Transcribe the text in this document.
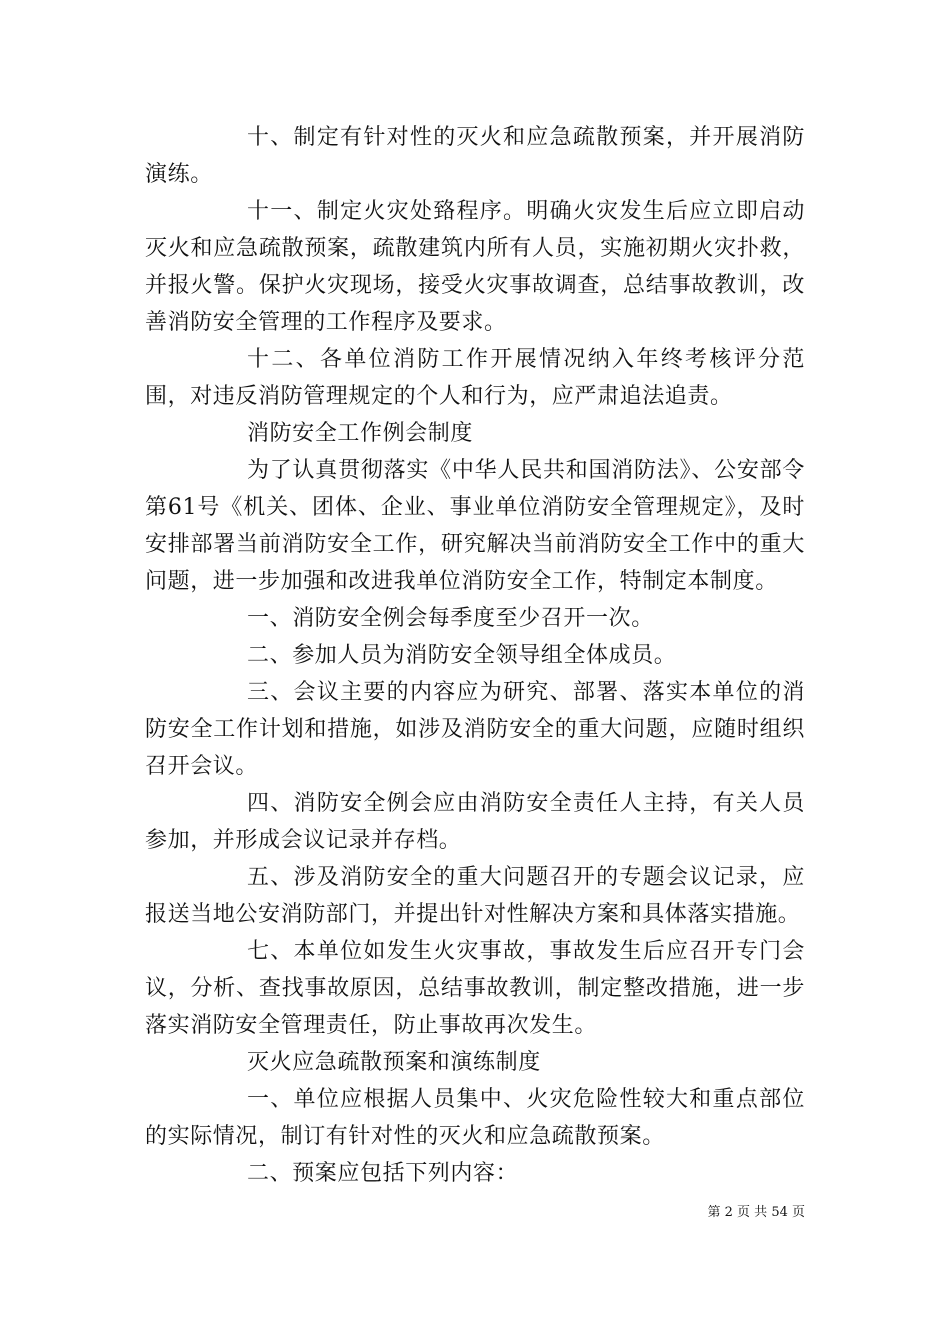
十、制定有针对性的灭火和应急疏散预案，并开展消防演练。

十一、制定火灾处臵程序。明确火灾发生后应立即启动灭火和应急疏散预案，疏散建筑内所有人员，实施初期火灾扑救，并报火警。保护火灾现场，接受火灾事故调查，总结事故教训，改善消防安全管理的工作程序及要求。

十二、各单位消防工作开展情况纳入年终考核评分范围，对违反消防管理规定的个人和行为，应严肃追法追责。

消防安全工作例会制度

为了认真贯彻落实《中华人民共和国消防法》、公安部令第61号《机关、团体、企业、事业单位消防安全管理规定》，及时安排部署当前消防安全工作，研究解决当前消防安全工作中的重大问题，进一步加强和改进我单位消防安全工作，特制定本制度。

一、消防安全例会每季度至少召开一次。

二、参加人员为消防安全领导组全体成员。

三、会议主要的内容应为研究、部署、落实本单位的消防安全工作计划和措施，如涉及消防安全的重大问题，应随时组织召开会议。

四、消防安全例会应由消防安全责任人主持，有关人员参加，并形成会议记录并存档。

五、涉及消防安全的重大问题召开的专题会议记录，应报送当地公安消防部门，并提出针对性解决方案和具体落实措施。

七、本单位如发生火灾事故，事故发生后应召开专门会议，分析、查找事故原因，总结事故教训，制定整改措施，进一步落实消防安全管理责任，防止事故再次发生。

灭火应急疏散预案和演练制度

一、单位应根据人员集中、火灾危险性较大和重点部位的实际情况，制订有针对性的灭火和应急疏散预案。

二、预案应包括下列内容：

第 2 页 共 54 页
